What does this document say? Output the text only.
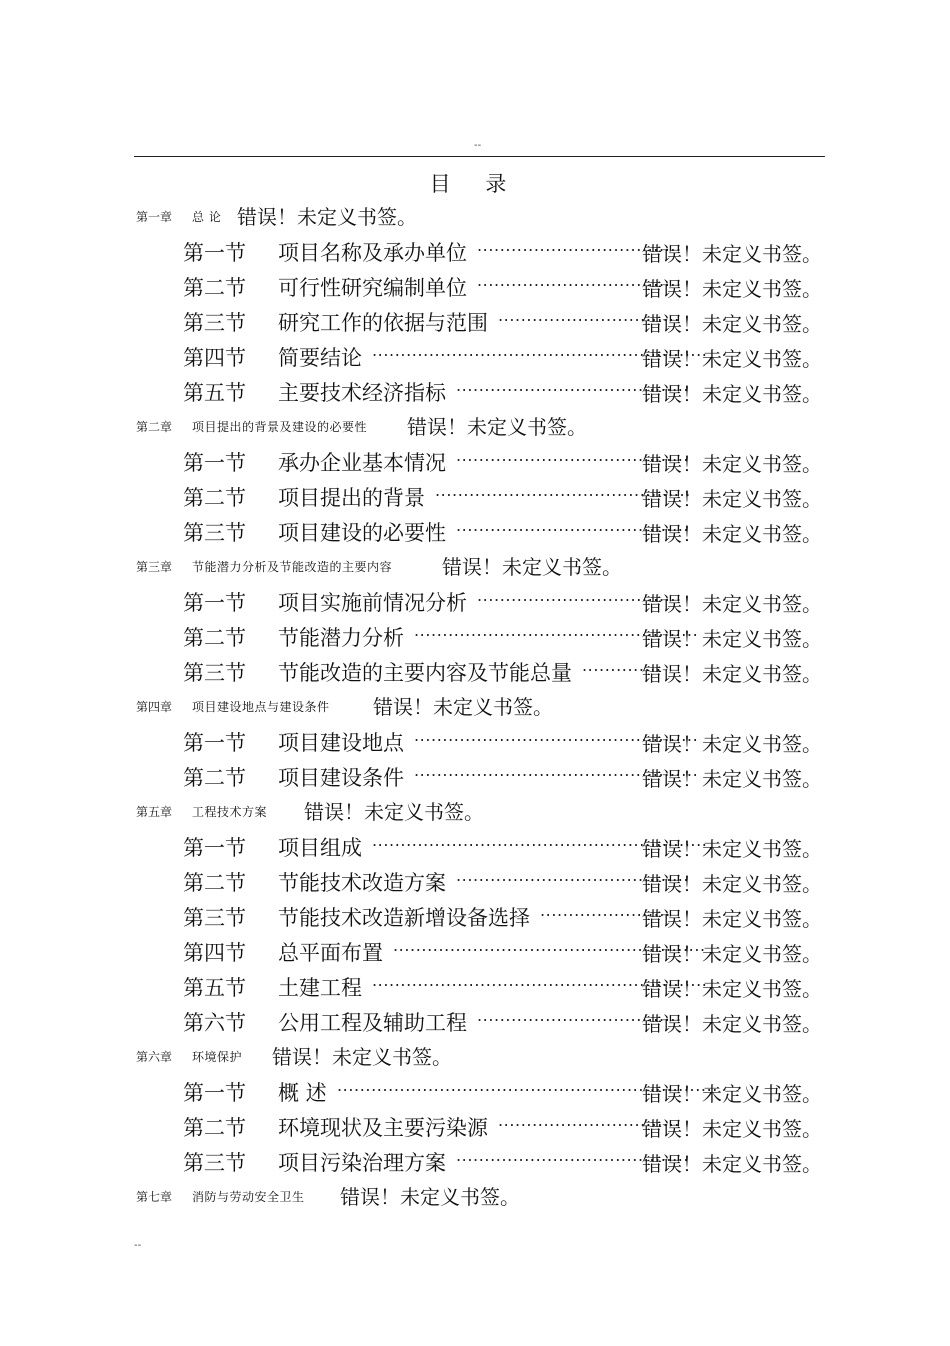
--
目 录
第一章 总 论 错误！未定义书签。
第一节 项目名称及承办单位 ....................................
错误！未定义书签。
第二节 可行性研究编制单位 ....................................
错误！未定义书签。
第三节 研究工作的依据与范围 ................................
错误！未定义书签。
第四节 简要结论 ...........................................................
错误！未定义书签。
第五节 主要技术经济指标 .........................................
错误！未定义书签。
第二章 项目提出的背景及建设的必要性 错误！未定义书签。
第一节 承办企业基本情况 .........................................
错误！未定义书签。
第二节 项目提出的背景 .............................................
错误！未定义书签。
第三节 项目建设的必要性 .........................................
错误！未定义书签。
第三章 节能潜力分析及节能改造的主要内容 错误！未定义书签。
第一节 项目实施前情况分析 ....................................
错误！未定义书签。
第二节 节能潜力分析 ..................................................
错误！未定义书签。
第三节 节能改造的主要内容及节能总量 ..............
错误！未定义书签。
第四章 项目建设地点与建设条件 错误！未定义书签。
第一节 项目建设地点 ..................................................
错误！未定义书签。
第二节 项目建设条件 ..................................................
错误！未定义书签。
第五章 工程技术方案 错误！未定义书签。
第一节 项目组成 ...........................................................
错误！未定义书签。
第二节 节能技术改造方案 .........................................
错误！未定义书签。
第三节 节能技术改造新增设备选择 .......................
错误！未定义书签。
第四节 总平面布置 .......................................................
错误！未定义书签。
第五节 土建工程 ...........................................................
错误！未定义书签。
第六节 公用工程及辅助工程 ....................................
错误！未定义书签。
第六章 环境保护 错误！未定义书签。
第一节 概 述 ...................................................................
错误！未定义书签。
第二节 环境现状及主要污染源 ................................
错误！未定义书签。
第三节 项目污染治理方案 .........................................
错误！未定义书签。
第七章 消防与劳动安全卫生 错误！未定义书签。
--
